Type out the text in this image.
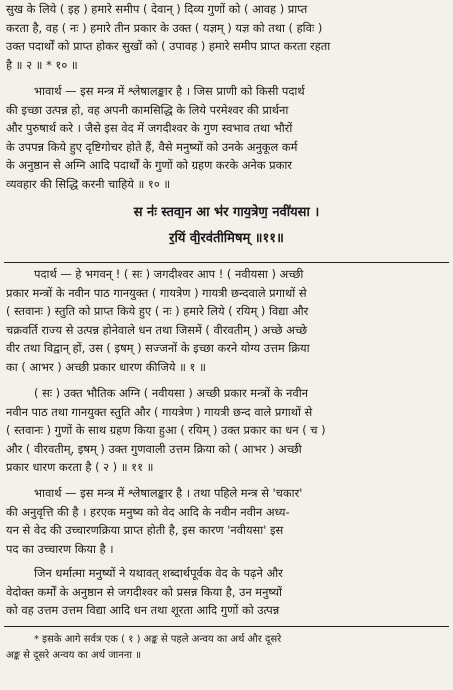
सुख के लिये ( इह ) हमारे समीप ( देवान् ) दिव्य गुणों को ( आवह ) प्राप्त
करता है, वह ( नः ) हमारे तीन प्रकार के उक्त ( यज्ञम् ) यज्ञ को तथा ( हविः )
उक्त पदार्थों को प्राप्त होकर सुखों को ( उपावह ) हमारे समीप प्राप्त करता रहता
है ॥ २ ॥ * १० ॥
भावार्थ — इस मन्त्र में श्लेषालङ्कार है । जिस प्राणी को किसी पदार्थ
की इच्छा उत्पन्न हो, वह अपनी कामसिद्धि के लिये परमेश्वर की प्रार्थना
और पुरुषार्थ करे । जैसे इस वेद में जगदीश्वर के गुण स्वभाव तथा भौरों
के उपपन्न किये हुए दृष्टिगोचर होते हैं, वैसे मनुष्यों को उनके अनुकूल कर्म
के अनुष्ठान से अग्नि आदि पदार्थों के गुणों को ग्रहण करके अनेक प्रकार
व्यवहार की सिद्धि करनी चाहिये ॥ १० ॥
स नः॑ स्तवा॒न आ भ॑र गाय॒त्रेण॒ नवी॑यसा ।
र॒यिं वी॒रव॑तीमिषम् ॥११॥
पदार्थ — हे भगवन् ! ( सः ) जगदीश्वर आप ! ( नवीयसा ) अच्छी
प्रकार मन्त्रों के नवीन पाठ गानयुक्त ( गायत्रेण ) गायत्री छन्दवाले प्रगाथों से
( स्तवानः ) स्तुति को प्राप्त किये हुए ( नः ) हमारे लिये ( रयिम् ) विद्या और
चक्रवर्ति राज्य से उत्पन्न होनेवाले धन तथा जिसमें ( वीरवतीम् ) अच्छे अच्छे
वीर तथा विद्वान् हों, उस ( इषम् ) सज्जनों के इच्छा करने योग्य उत्तम क्रिया
का ( आभर ) अच्छी प्रकार धारण कीजिये ॥ १ ॥
( सः ) उक्त भौतिक अग्नि ( नवीयसा ) अच्छी प्रकार मन्त्रों के नवीन
नवीन पाठ तथा गानयुक्त स्तुति और ( गायत्रेण ) गायत्री छन्द वाले प्रगाथों से
( स्तवानः ) गुणों के साथ ग्रहण किया हुआ ( रयिम् ) उक्त प्रकार का धन ( च )
और ( वीरवतीम्, इषम् ) उक्त गुणवाली उत्तम क्रिया को ( आभर ) अच्छी
प्रकार धारण करता है ( २ ) ॥ ११ ॥
भावार्थ — इस मन्त्र में श्लेषालङ्कार है । तथा पहिले मन्त्र से 'चकार'
की अनुवृत्ति की है । हरएक मनुष्य को वेद आदि के नवीन नवीन अध्य-
यन से वेद की उच्चारणक्रिया प्राप्त होती है, इस कारण 'नवीयसा' इस
पद का उच्चारण किया है ।
जिन धर्मात्मा मनुष्यों ने यथावत् शब्दार्थपूर्वक वेद के पढ़ने और
वेदोक्त कर्मों के अनुष्ठान से जगदीश्वर को प्रसन्न किया है, उन मनुष्यों
को वह उत्तम उत्तम विद्या आदि धन तथा शूरता आदि गुणों को उत्पन्न
* इसके आगे सर्वत्र एक ( १ ) अङ्क से पहले अन्वय का अर्थ और दूसरे
अङ्क से दूसरे अन्वय का अर्थ जानना ॥
